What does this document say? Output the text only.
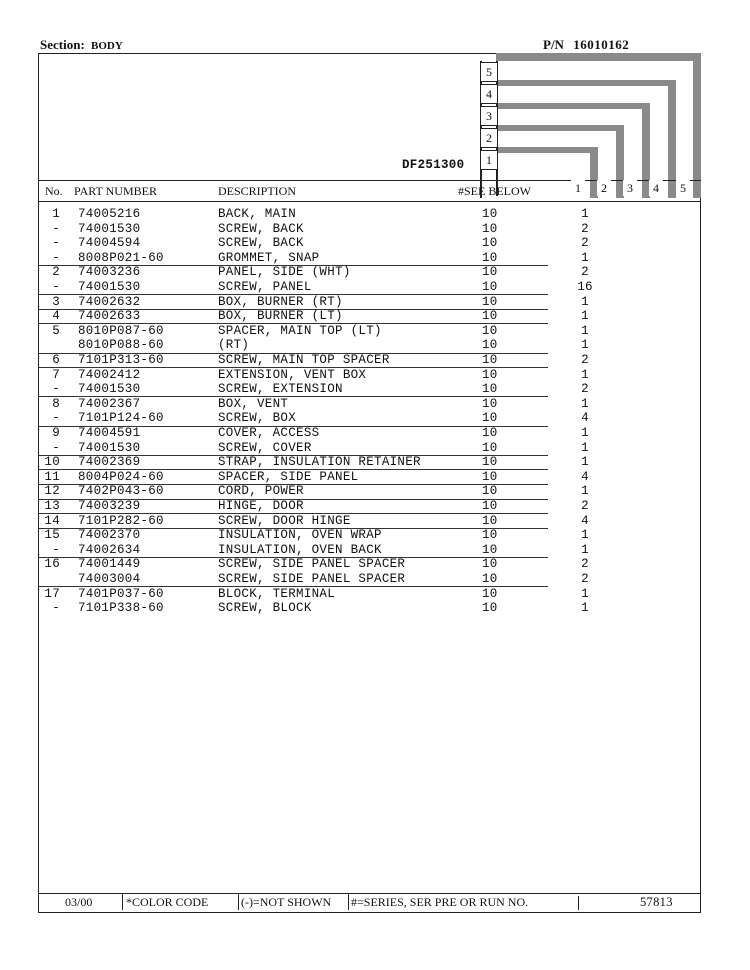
Section: BODY	P/N 16010162
5
4
3
2
1
DF251300
No. PART NUMBER	DESCRIPTION	#SEE BELOW	1	2	3	4	5
1 74005216	BACK, MAIN	10	1
- 74001530	SCREW, BACK	10	2
- 74004594	SCREW, BACK	10	2
- 8008P021-60	GROMMET, SNAP	10	1
2 74003236	PANEL, SIDE (WHT)	10	2
- 74001530	SCREW, PANEL	10	16
3 74002632	BOX, BURNER (RT)	10	1
4 74002633	BOX, BURNER (LT)	10	1
5 8010P087-60	SPACER, MAIN TOP (LT)	10	1
8010P088-60	(RT)	10	1
6 7101P313-60	SCREW, MAIN TOP SPACER	10	2
7 74002412	EXTENSION, VENT BOX	10	1
- 74001530	SCREW, EXTENSION	10	2
8 74002367	BOX, VENT	10	1
- 7101P124-60	SCREW, BOX	10	4
9 74004591	COVER, ACCESS	10	1
- 74001530	SCREW, COVER	10	1
10 74002369	STRAP, INSULATION RETAINER	10	1
11 8004P024-60	SPACER, SIDE PANEL	10	4
12 7402P043-60	CORD, POWER	10	1
13 74003239	HINGE, DOOR	10	2
14 7101P282-60	SCREW, DOOR HINGE	10	4
15 74002370	INSULATION, OVEN WRAP	10	1
- 74002634	INSULATION, OVEN BACK	10	1
16 74001449	SCREW, SIDE PANEL SPACER	10	2
74003004	SCREW, SIDE PANEL SPACER	10	2
17 7401P037-60	BLOCK, TERMINAL	10	1
- 7101P338-60	SCREW, BLOCK	10	1
03/00	*COLOR CODE	(-)=NOT SHOWN #=SERIES, SER PRE OR RUN NO.	57813
